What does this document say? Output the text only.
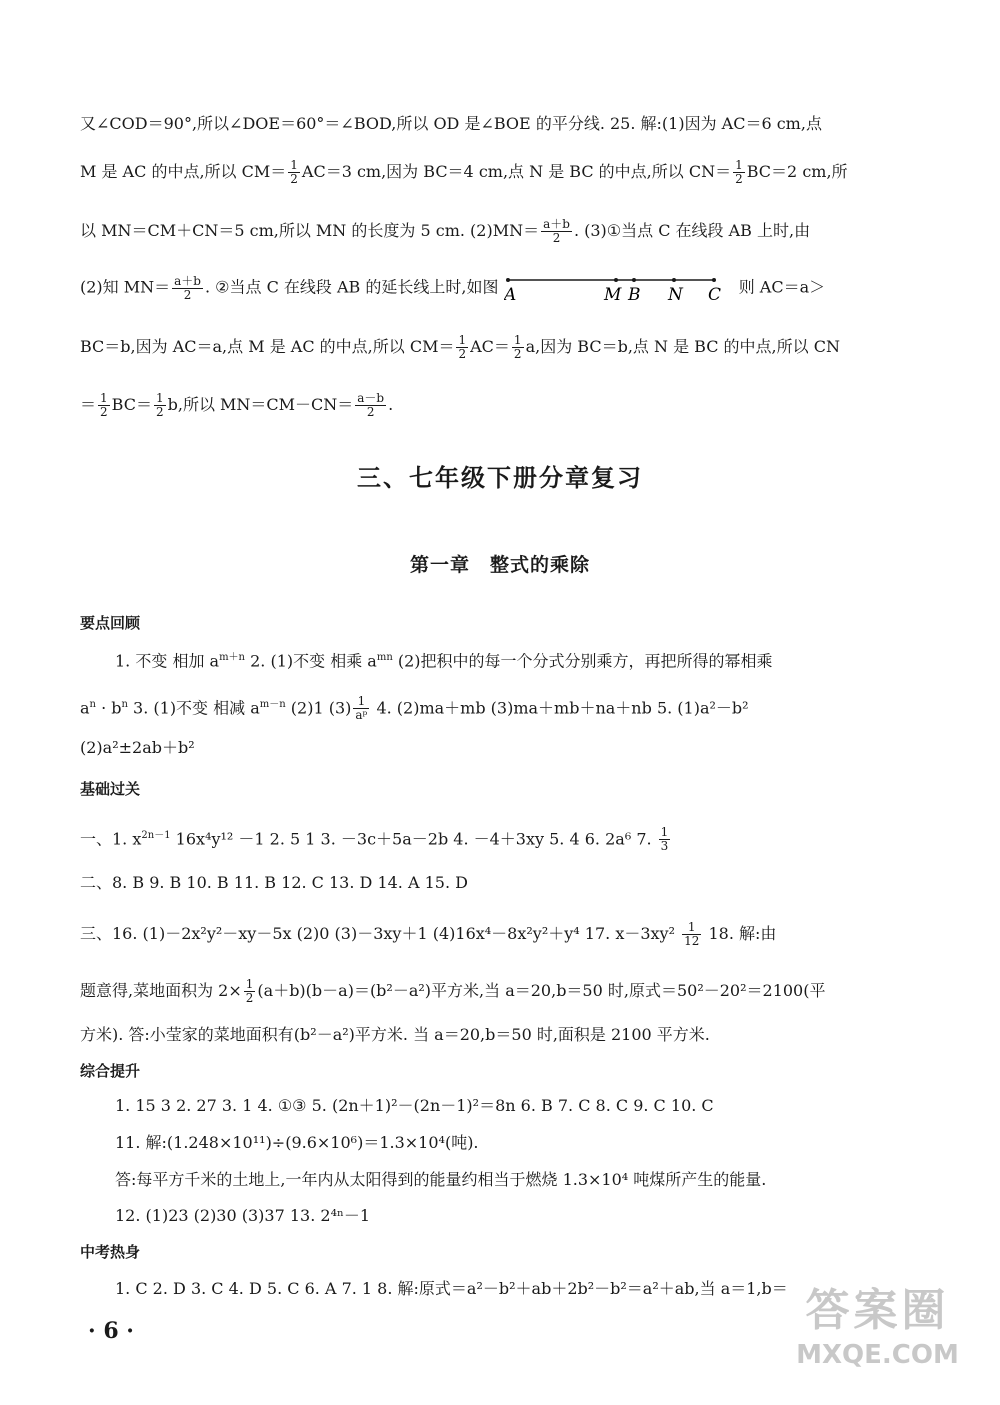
又∠COD＝90°,所以∠DOE＝60°＝∠BOD,所以 OD 是∠BOE 的平分线. 25. 解:(1)因为 AC＝6 cm,点
M 是 AC 的中点,所以 $CM= \frac{1}{2} AC=3$ cm,因为 BC＝4 cm,点 N 是 BC 的中点,所以 $CN= \frac{1}{2} BC=2$ cm,所
以 MN＝CM＋CN＝5 cm,所以 MN 的长度为 5 cm. $(2)MN= \frac{a+b}{2}$ . (3)①当点 C 在线段 AB 上时,由
(2)知 $MN= \frac{a+b}{2}$ . ②当点 C 在线段 AB 的延长线上时,如图 A	M B N C 则 AC＝a＞
BC＝b,因为 AC＝a,点 M 是 AC 的中点,所以 $CM= \frac{1}{2} AC= \frac{1}{2} a$,因为 BC＝b,点 N 是 BC 的中点,所以 CN
＝ $\frac{1}{2} BC= \frac{1}{2} b$,所以 $MN=CM-CN= \frac{a-b}{2}$ .
三、七年级下册分章复习
第一章　整式的乘除
要点回顾
1. 不变 相加 $a^{m+n}$ 2. (1)不变 相乘 $a^{mn}$ (2)把积中的每一个分式分别乘方，再把所得的幂相乘
$a^n \cdot b^n$ 3. (1)不变 相减 $a^{m-n}$ (2)1 $(3) \frac{1}{\text{aᵖ}} 4$. (2)ma＋mb (3)ma＋mb＋na＋nb 5. (1)a²－b²
(2)a²±2ab＋b²
基础过关
一、1. $x^{2n-1}$ 16x⁴y¹² －1 2. 5 1 3. －3c＋5a－2b 4. －4＋3xy 5. 4 6. 2a⁶ 7. $\frac{1}{3}$
二、8. B 9. B 10. B 11. B 12. C 13. D 14. A 15. D
三、16. (1)－2x²y²－xy－5x (2)0 (3)－3xy＋1 (4)16x⁴－8x²y²＋y⁴ 17. $x-3xy^2 \frac{1}{12} 18$. 解:由
题意得,菜地面积为 $2\times \frac{1}{2} (a+b)(b-a)=(b^2-a^2)$平方米,当 a＝20,b＝50 时,原式＝50²－20²＝2100(平
方米). 答:小莹家的菜地面积有(b²－a²)平方米. 当 a＝20,b＝50 时,面积是 2100 平方米.
综合提升
1. 15 3 2. 27 3. 1 4. ①③ 5. (2n＋1)²－(2n－1)²＝8n 6. B 7. C 8. C 9. C 10. C
11. 解:(1.248×10¹¹)÷(9.6×10⁶)＝1.3×10⁴(吨).
答:每平方千米的土地上,一年内从太阳得到的能量约相当于燃烧 1.3×10⁴ 吨煤所产生的能量.
12. (1)23 (2)30 (3)37 13. 2⁴ⁿ－1
中考热身
1. C 2. D 3. C 4. D 5. C 6. A 7. 1 8. 解:原式＝a²－b²＋ab＋2b²－b²＝a²＋ab,当 a＝1,b＝
· 6 ·	答案圈
MXQE.COM
